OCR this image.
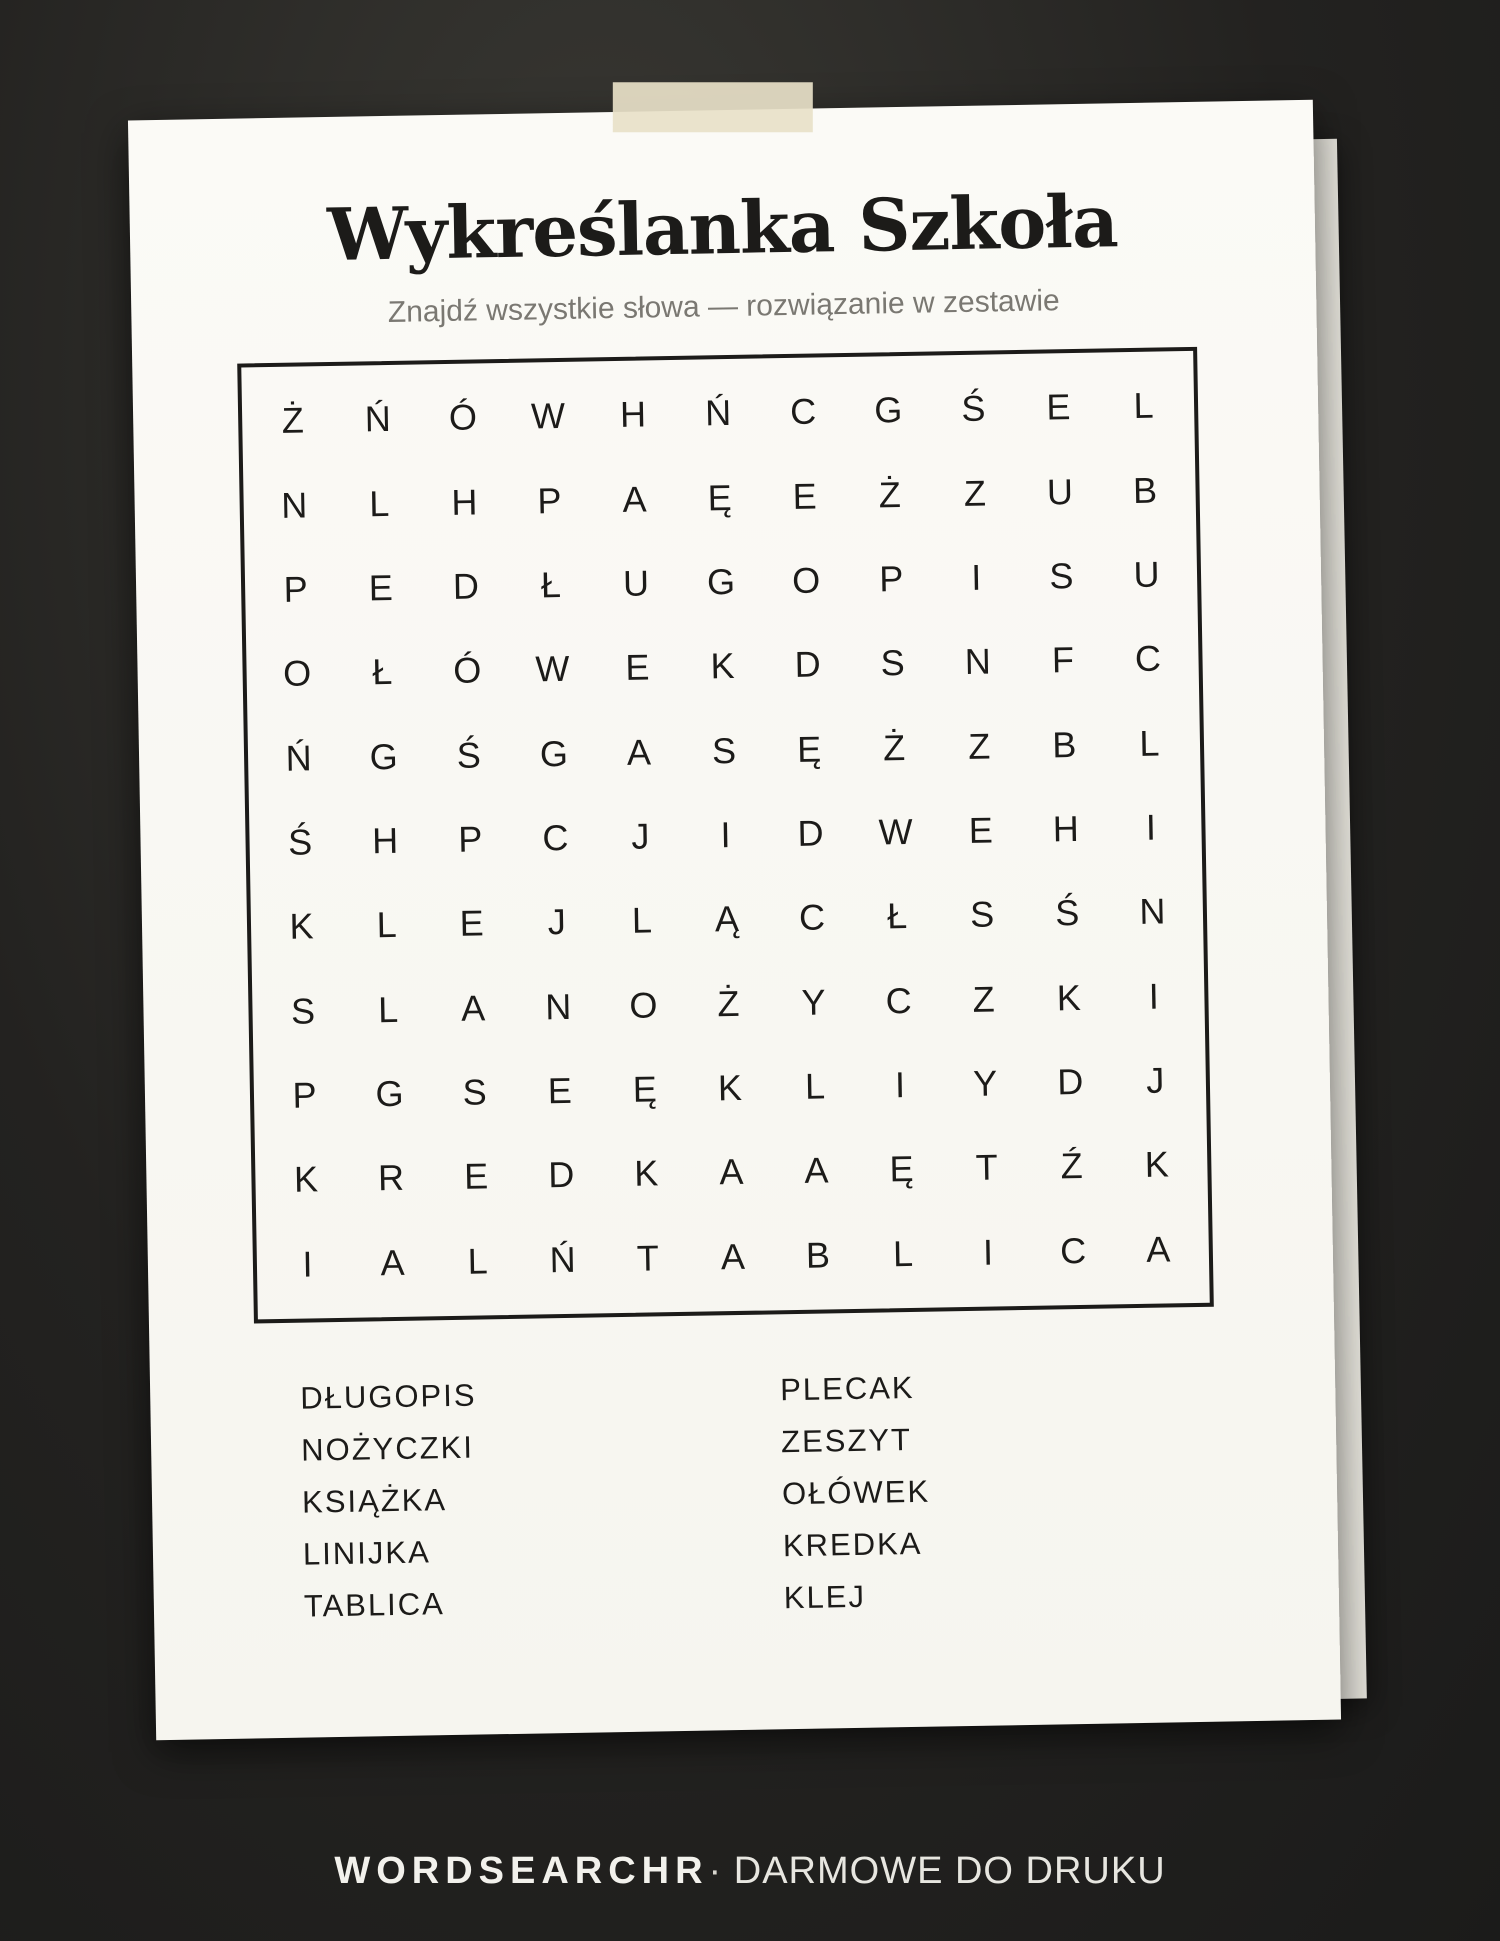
Wykreślanka Szkoła
Znajdź wszystkie słowa — rozwiązanie w zestawie
Ż	Ń	Ó	W	H	Ń	C	G	Ś	E	L
N	L	H	P	A	Ę	E	Ż	Z	U	B
P	E	D	Ł	U	G	O	P	I	S	U
O	Ł	Ó	W	E	K	D	S	N	F	C
Ń	G	Ś	G	A	S	Ę	Ż	Z	B	L
Ś	H	P	C	J	I	D	W	E	H	I
K	L	E	J	L	Ą	C	Ł	S	Ś	N
S	L	A	N	O	Ż	Y	C	Z	K	I
P	G	S	E	Ę	K	L	I	Y	D	J
K	R	E	D	K	A	A	Ę	T	Ź	K
I	A	L	Ń	T	A	B	L	I	C	A
DŁUGOPIS
NOŻYCZKI
KSIĄŻKA
LINIJKA
TABLICA
PLECAK
ZESZYT
OŁÓWEK
KREDKA
KLEJ
WORDSEARCHR· DARMOWE DO DRUKU
